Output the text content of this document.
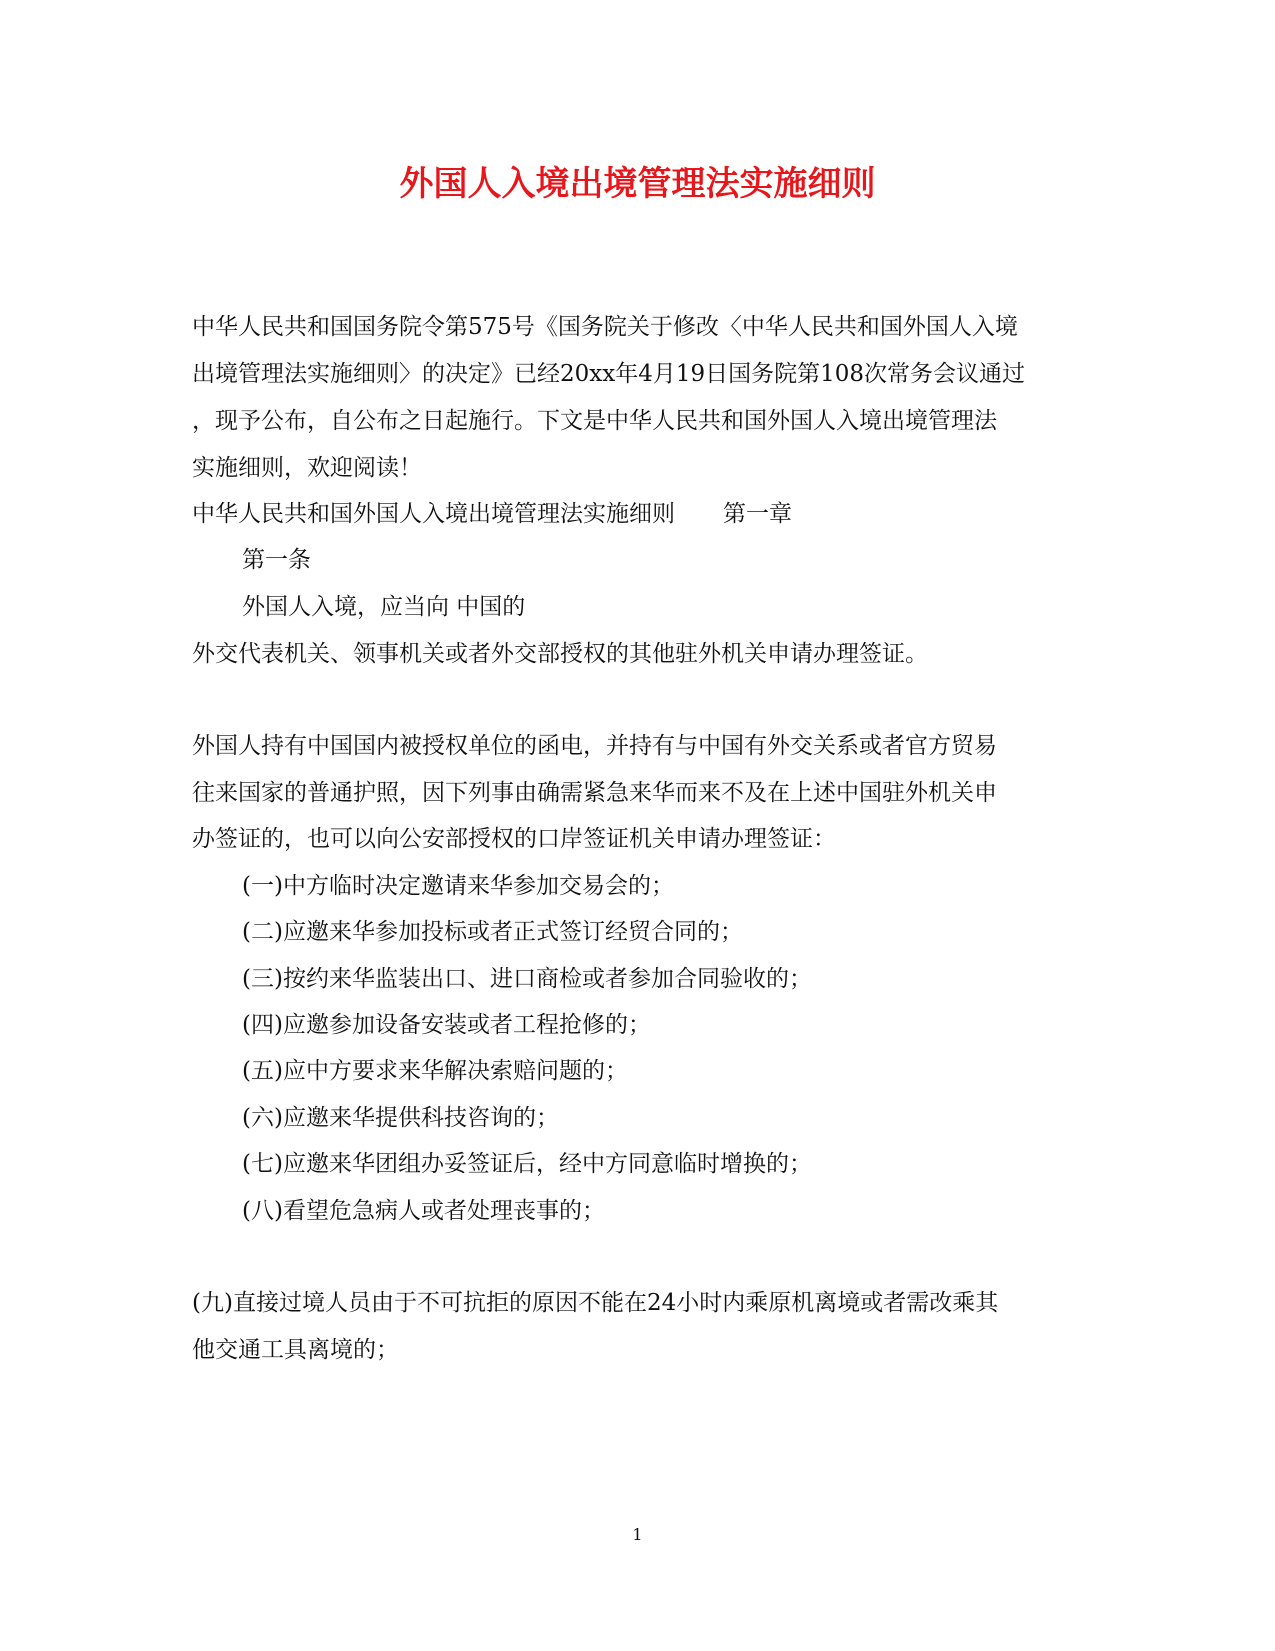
外国人入境出境管理法实施细则
中华人民共和国国务院令第575号《国务院关于修改〈中华人民共和国外国人入境
出境管理法实施细则〉的决定》已经20xx年4月19日国务院第108次常务会议通过
，现予公布，自公布之日起施行。下文是中华人民共和国外国人入境出境管理法
实施细则，欢迎阅读！
中华人民共和国外国人入境出境管理法实施细则 第一章
第一条
外国人入境，应当向 中国的
外交代表机关、领事机关或者外交部授权的其他驻外机关申请办理签证。
外国人持有中国国内被授权单位的函电，并持有与中国有外交关系或者官方贸易
往来国家的普通护照，因下列事由确需紧急来华而来不及在上述中国驻外机关申
办签证的，也可以向公安部授权的口岸签证机关申请办理签证：
(一)中方临时决定邀请来华参加交易会的；
(二)应邀来华参加投标或者正式签订经贸合同的；
(三)按约来华监装出口、进口商检或者参加合同验收的；
(四)应邀参加设备安装或者工程抢修的；
(五)应中方要求来华解决索赔问题的；
(六)应邀来华提供科技咨询的；
(七)应邀来华团组办妥签证后，经中方同意临时增换的；
(八)看望危急病人或者处理丧事的；
(九)直接过境人员由于不可抗拒的原因不能在24小时内乘原机离境或者需改乘其
他交通工具离境的；
1
